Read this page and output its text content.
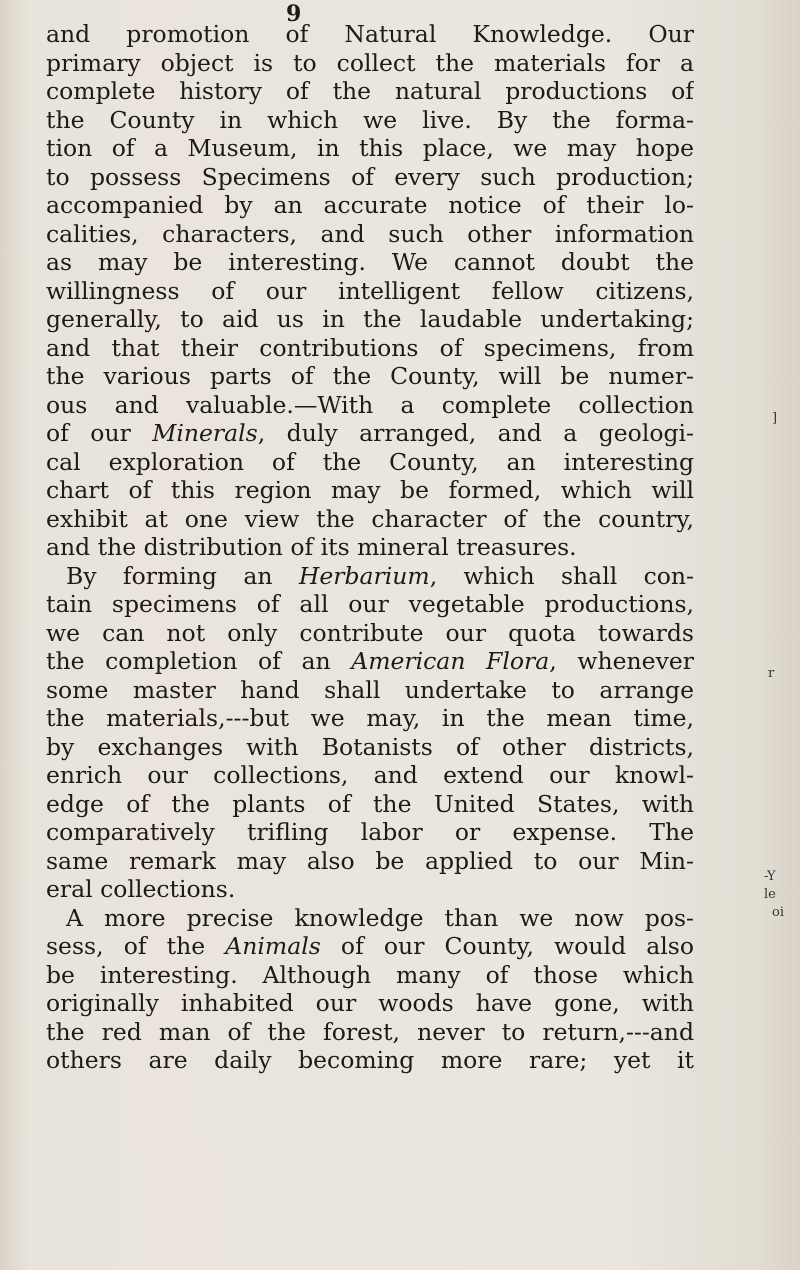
9
and promotion of Natural Knowledge. Our
primary object is to collect the materials for a
complete history of the natural productions of
the County in which we live. By the forma-
tion of a Museum, in this place, we may hope
to possess Specimens of every such production;
accompanied by an accurate notice of their lo-
calities, characters, and such other information
as may be interesting. We cannot doubt the
willingness of our intelligent fellow citizens,
generally, to aid us in the laudable undertaking;
and that their contributions of specimens, from
the various parts of the County, will be numer-
ous and valuable.—With a complete collection
of our Minerals, duly arranged, and a geologi-
cal exploration of the County, an interesting
chart of this region may be formed, which will
exhibit at one view the character of the country,
and the distribution of its mineral treasures.
By forming an Herbarium, which shall con-
tain specimens of all our vegetable productions,
we can not only contribute our quota towards
the completion of an American Flora, whenever
some master hand shall undertake to arrange
the materials,---but we may, in the mean time,
by exchanges with Botanists of other districts,
enrich our collections, and extend our knowl-
edge of the plants of the United States, with
comparatively trifling labor or expense. The
same remark may also be applied to our Min-
eral collections.
A more precise knowledge than we now pos-
sess, of the Animals of our County, would also
be interesting. Although many of those which
originally inhabited our woods have gone, with
the red man of the forest, never to return,---and
others are daily becoming more rare; yet it
]
r
-Y
le
oi
